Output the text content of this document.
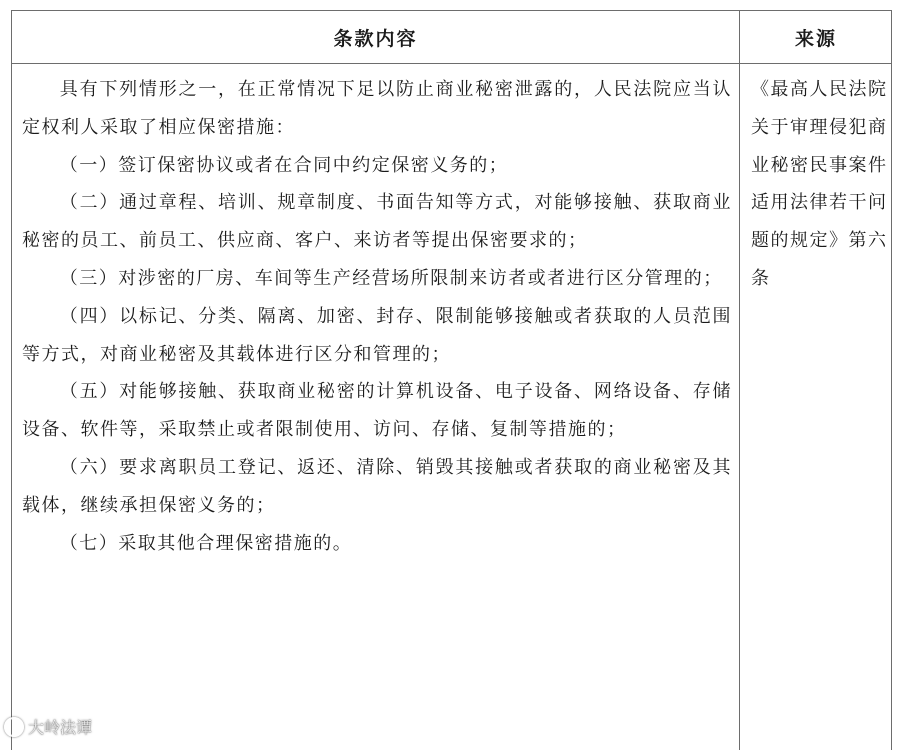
条款内容	来源

具有下列情形之一，在正常情况下足以防止商业秘密泄露的，人民法院应当认定权利人采取了相应保密措施：

（一）签订保密协议或者在合同中约定保密义务的；

（二）通过章程、培训、规章制度、书面告知等方式，对能够接触、获取商业秘密的员工、前员工、供应商、客户、来访者等提出保密要求的；

（三）对涉密的厂房、车间等生产经营场所限制来访者或者进行区分管理的；

（四）以标记、分类、隔离、加密、封存、限制能够接触或者获取的人员范围等方式，对商业秘密及其载体进行区分和管理的；

（五）对能够接触、获取商业秘密的计算机设备、电子设备、网络设备、存储设备、软件等，采取禁止或者限制使用、访问、存储、复制等措施的；

（六）要求离职员工登记、返还、清除、销毁其接触或者获取的商业秘密及其载体，继续承担保密义务的；

（七）采取其他合理保密措施的。

《最高人民法院关于审理侵犯商业秘密民事案件适用法律若干问题的规定》第六条
大岭法谭
